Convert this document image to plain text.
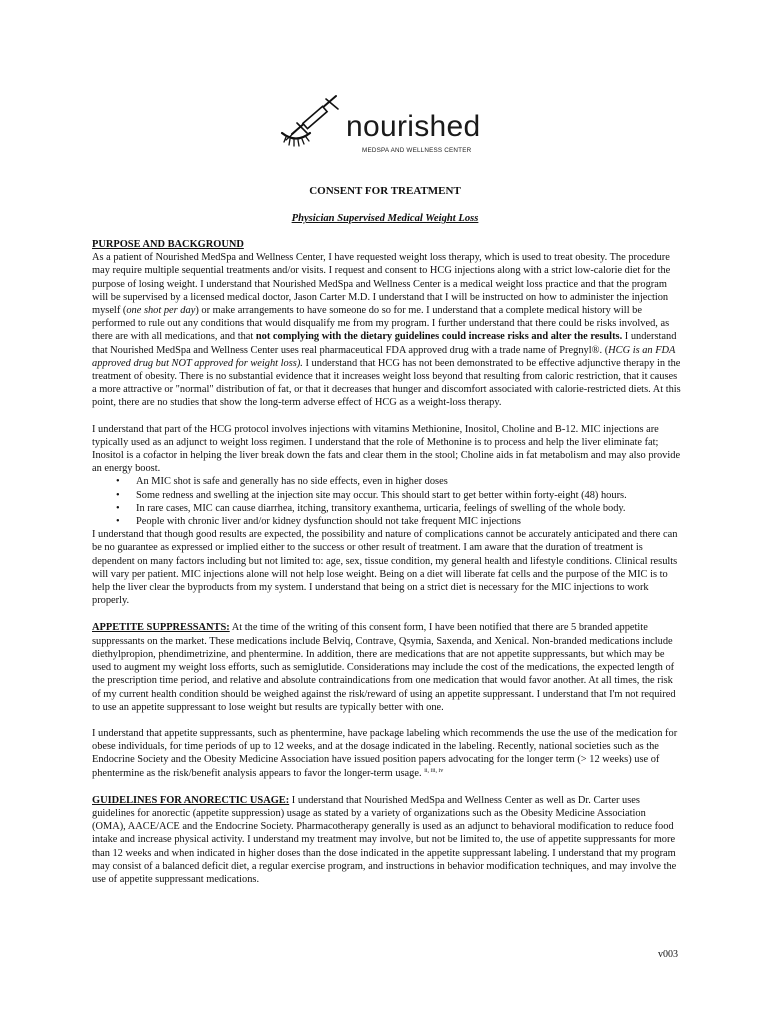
nourished
MEDSPA AND WELLNESS CENTER
CONSENT FOR TREATMENT
Physician Supervised Medical Weight Loss
PURPOSE AND BACKGROUND

As a patient of Nourished MedSpa and Wellness Center, I have requested weight loss therapy, which is used to treat obesity. The procedure may require multiple sequential treatments and/or visits. I request and consent to HCG injections along with a strict low-calorie diet for the purpose of losing weight. I understand that Nourished MedSpa and Wellness Center is a medical weight loss practice and that the program will be supervised by a licensed medical doctor, Jason Carter M.D. I understand that I will be instructed on how to administer the injection myself (one shot per day) or make arrangements to have someone do so for me. I understand that a complete medical history will be performed to rule out any conditions that would disqualify me from my program. I further understand that there could be risks involved, as there are with all medications, and that not complying with the dietary guidelines could increase risks and alter the results. I understand that Nourished MedSpa and Wellness Center uses real pharmaceutical FDA approved drug with a trade name of Pregnyl®. (HCG is an FDA approved drug but NOT approved for weight loss). I understand that HCG has not been demonstrated to be effective adjunctive therapy in the treatment of obesity. There is no substantial evidence that it increases weight loss beyond that resulting from caloric restriction, that it causes a more attractive or "normal" distribution of fat, or that it decreases that hunger and discomfort associated with calorie-restricted diets. At this point, there are no studies that show the long-term adverse effect of HCG as a weight-loss therapy.

I understand that part of the HCG protocol involves injections with vitamins Methionine, Inositol, Choline and B-12. MIC injections are typically used as an adjunct to weight loss regimen. I understand that the role of Methonine is to process and help the liver eliminate fat; Inositol is a cofactor in helping the liver break down the fats and clear them in the stool; Choline aids in fat metabolism and may also provide an energy boost.

• An MIC shot is safe and generally has no side effects, even in higher doses
• Some redness and swelling at the injection site may occur. This should start to get better within forty-eight (48) hours.
• In rare cases, MIC can cause diarrhea, itching, transitory exanthema, urticaria, feelings of swelling of the whole body.
• People with chronic liver and/or kidney dysfunction should not take frequent MIC injections

I understand that though good results are expected, the possibility and nature of complications cannot be accurately anticipated and there can be no guarantee as expressed or implied either to the success or other result of treatment. I am aware that the duration of treatment is dependent on many factors including but not limited to: age, sex, tissue condition, my general health and lifestyle conditions. Clinical results will vary per patient. MIC injections alone will not help lose weight. Being on a diet will liberate fat cells and the purpose of the MIC is to help the liver clear the byproducts from my system. I understand that being on a strict diet is necessary for the MIC injections to work properly.

APPETITE SUPPRESSANTS: At the time of the writing of this consent form, I have been notified that there are 5 branded appetite suppressants on the market. These medications include Belviq, Contrave, Qsymia, Saxenda, and Xenical. Non-branded medications include diethylpropion, phendimetrizine, and phentermine. In addition, there are medications that are not appetite suppressants, but which may be used to augment my weight loss efforts, such as semiglutide. Considerations may include the cost of the medications, the expected length of the prescription time period, and relative and absolute contraindications from one medication that would favor another. At all times, the risk of my current health condition should be weighed against the risk/reward of using an appetite suppressant. I understand that I'm not required to use an appetite suppressant to lose weight but results are typically better with one.

I understand that appetite suppressants, such as phentermine, have package labeling which recommends the use the use of the medication for obese individuals, for time periods of up to 12 weeks, and at the dosage indicated in the labeling. Recently, national societies such as the Endocrine Society and the Obesity Medicine Association have issued position papers advocating for the longer term (> 12 weeks) use of phentermine as the risk/benefit analysis appears to favor the longer-term usage. $^{ii, iii, iv}$

GUIDELINES FOR ANORECTIC USAGE: I understand that Nourished MedSpa and Wellness Center as well as Dr. Carter uses guidelines for anorectic (appetite suppression) usage as stated by a variety of organizations such as the Obesity Medicine Association (OMA), AACE/ACE and the Endocrine Society. Pharmacotherapy generally is used as an adjunct to behavioral modification to reduce food intake and increase physical activity. I understand my treatment may involve, but not be limited to, the use of appetite suppressants for more than 12 weeks and when indicated in higher doses than the dose indicated in the appetite suppressant labeling. I understand that my program may consist of a balanced deficit diet, a regular exercise program, and instructions in behavior modification techniques, and may involve the use of appetite suppressant medications.

v003
